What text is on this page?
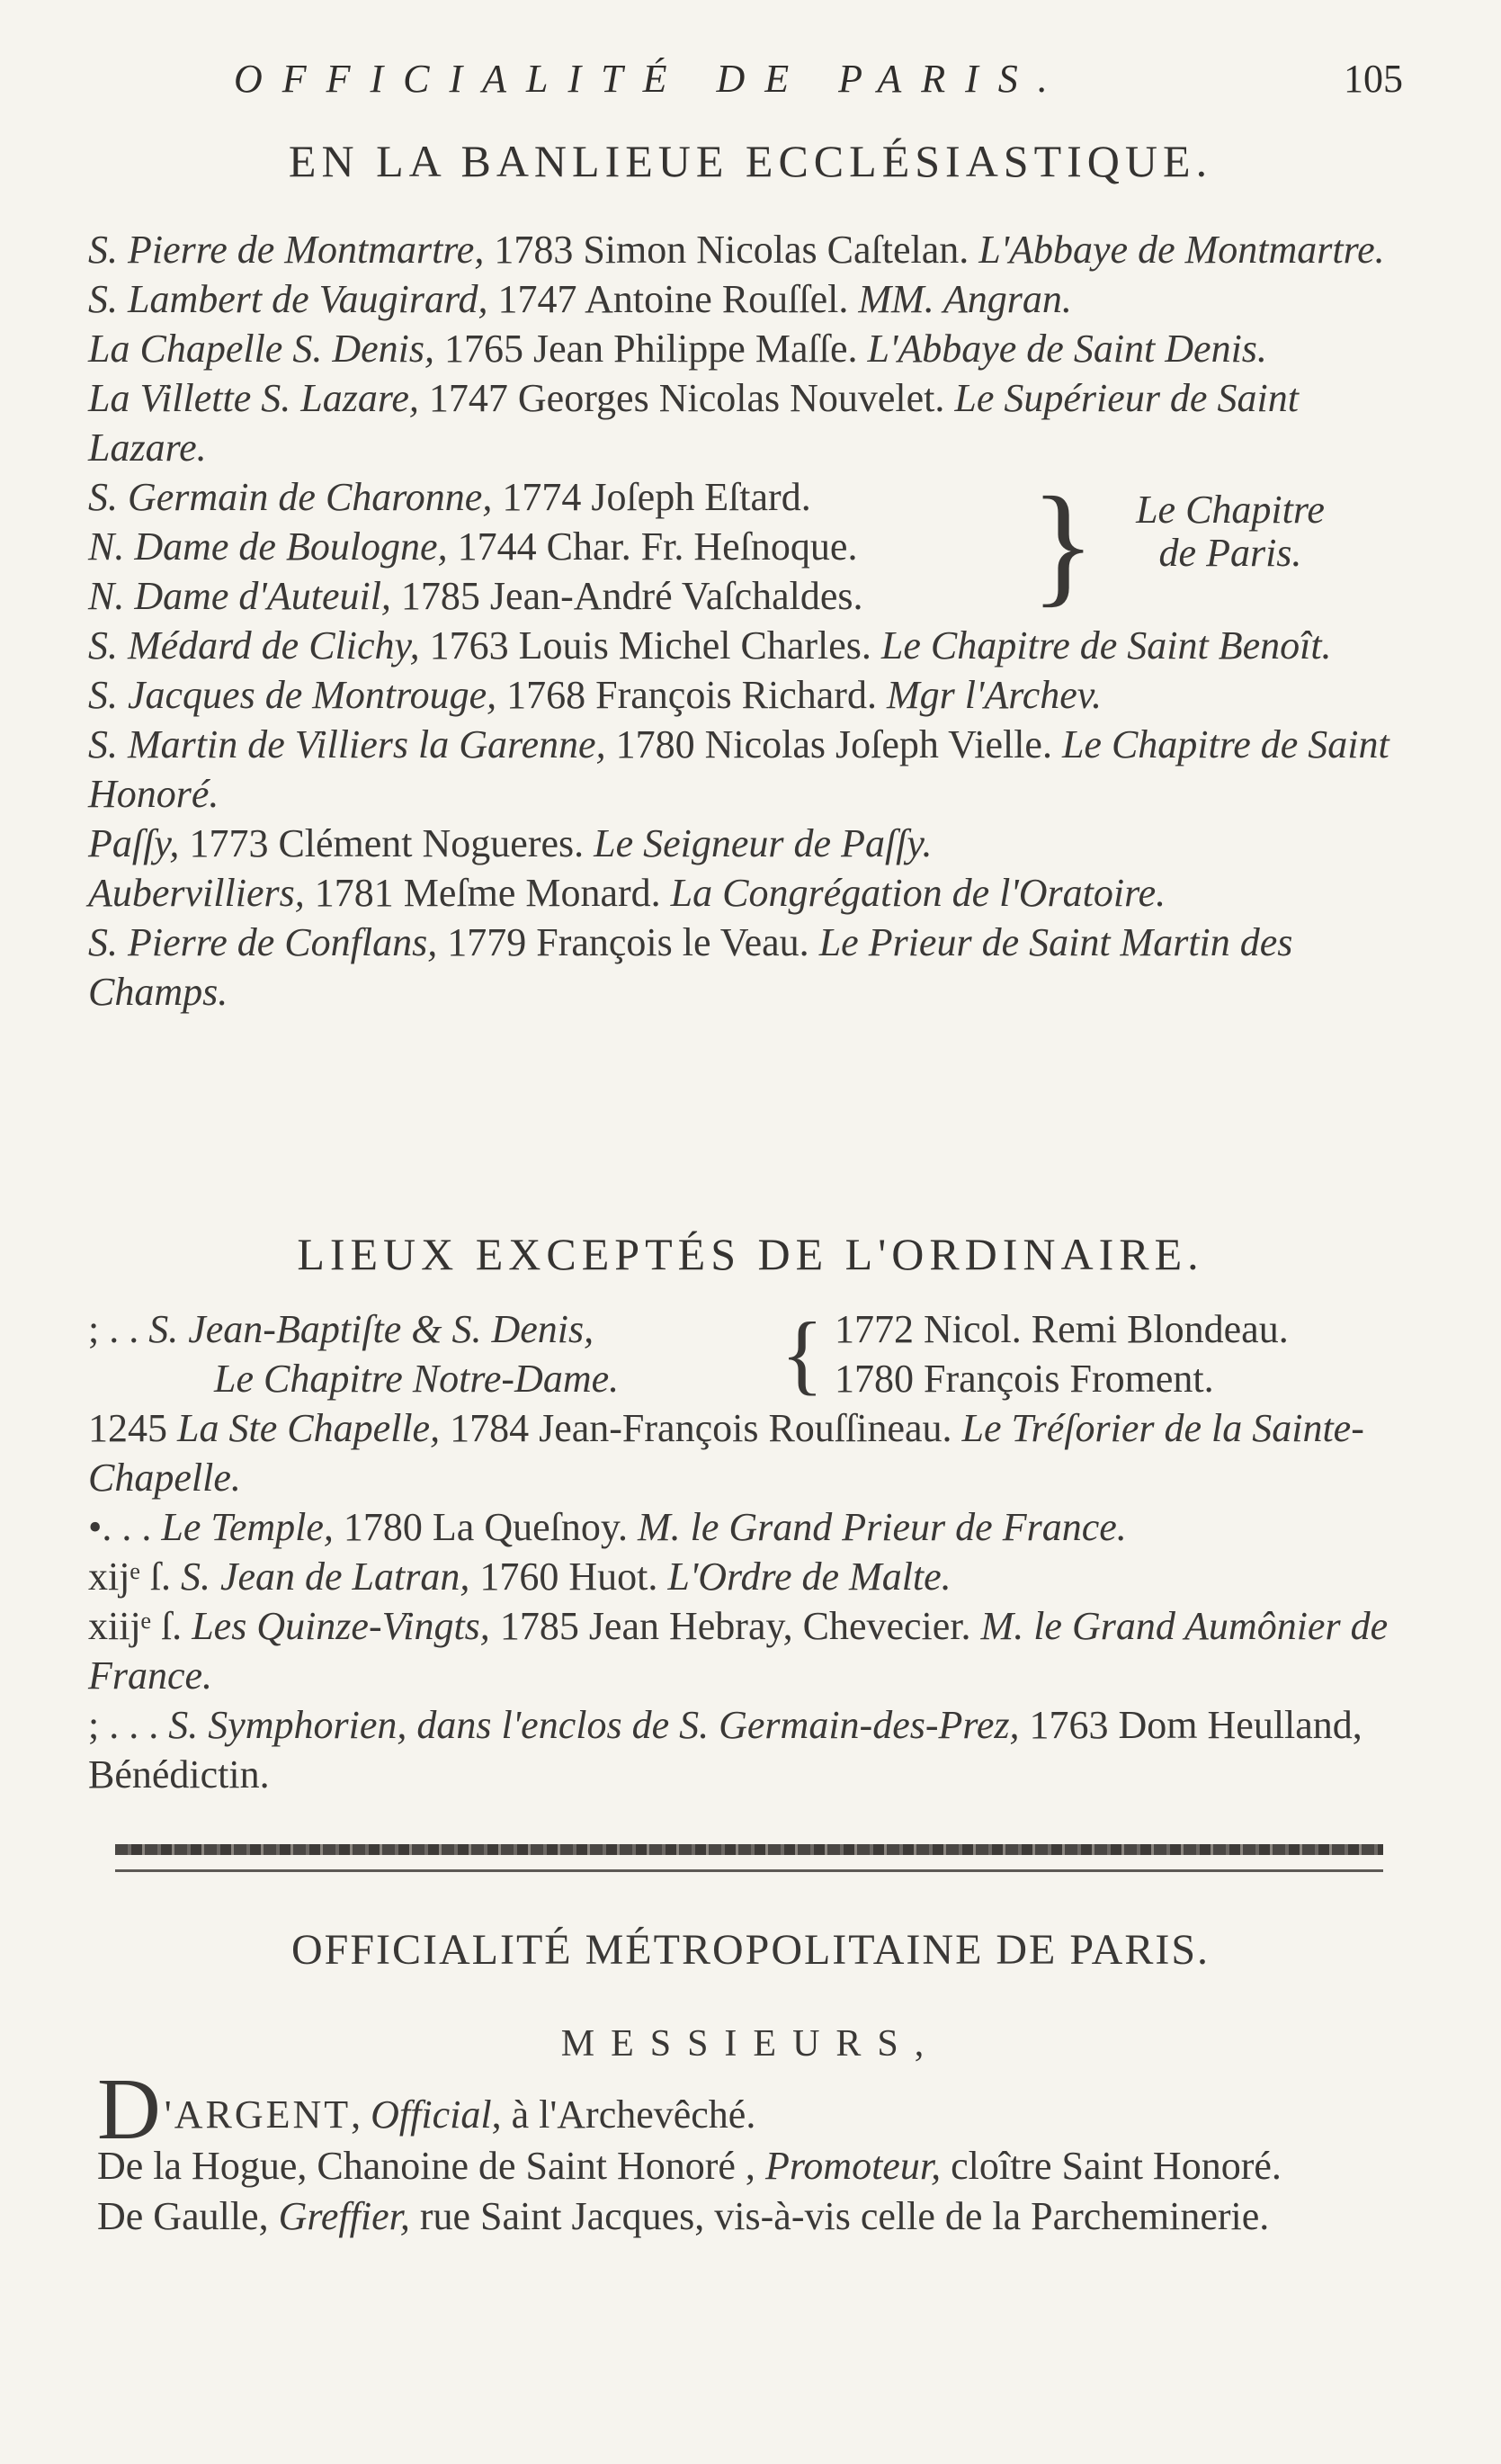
OFFICIALITÉ DE PARIS.	105
EN LA BANLIEUE ECCLÉSIASTIQUE.

S. Pierre de Montmartre, 1783 Simon Nicolas Caſtelan. L'Abbaye de Montmartre.

S. Lambert de Vaugirard, 1747 Antoine Rouſſel. MM. Angran.

La Chapelle S. Denis, 1765 Jean Philippe Maſſe. L'Abbaye de Saint Denis.

La Villette S. Lazare, 1747 Georges Nicolas Nouvelet. Le Supérieur de Saint Lazare.

S. Germain de Charonne, 1774 Joſeph Eſtard.

N. Dame de Boulogne, 1744 Char. Fr. Heſnoque.

N. Dame d'Auteuil, 1785 Jean-André Vaſchaldes.	}	Le Chapitre
de Paris.

S. Médard de Clichy, 1763 Louis Michel Charles. Le Chapitre de Saint Benoît.

S. Jacques de Montrouge, 1768 François Richard. Mgr l'Archev.

S. Martin de Villiers la Garenne, 1780 Nicolas Joſeph Vielle. Le Chapitre de Saint Honoré.

Paſſy, 1773 Clément Nogueres. Le Seigneur de Paſſy.

Aubervilliers, 1781 Meſme Monard. La Congrégation de l'Oratoire.

S. Pierre de Conflans, 1779 François le Veau. Le Prieur de Saint Martin des Champs.

LIEUX EXCEPTÉS DE L'ORDINAIRE.

; . . S. Jean-Baptiſte & S. Denis,

Le Chapitre Notre-Dame.	{ 1772 Nicol. Remi Blondeau.
1780 François Froment.

1245 La Ste Chapelle, 1784 Jean-François Rouſſineau. Le Tréſorier de la Sainte-Chapelle.

•. . . Le Temple, 1780 La Queſnoy. M. le Grand Prieur de France.

xijᵉ ſ. S. Jean de Latran, 1760 Huot. L'Ordre de Malte.

xiijᵉ ſ. Les Quinze-Vingts, 1785 Jean Hebray, Chevecier. M. le Grand Aumônier de France.

; . . . S. Symphorien, dans l'enclos de S. Germain-des-Prez, 1763 Dom Heulland, Bénédictin.

OFFICIALITÉ MÉTROPOLITAINE DE PARIS.
MESSIEURS,

D'ARGENT, Official, à l'Archevêché.

De la Hogue, Chanoine de Saint Honoré , Promoteur, cloître Saint Honoré.

De Gaulle, Greffier, rue Saint Jacques, vis-à-vis celle de la Parcheminerie.
